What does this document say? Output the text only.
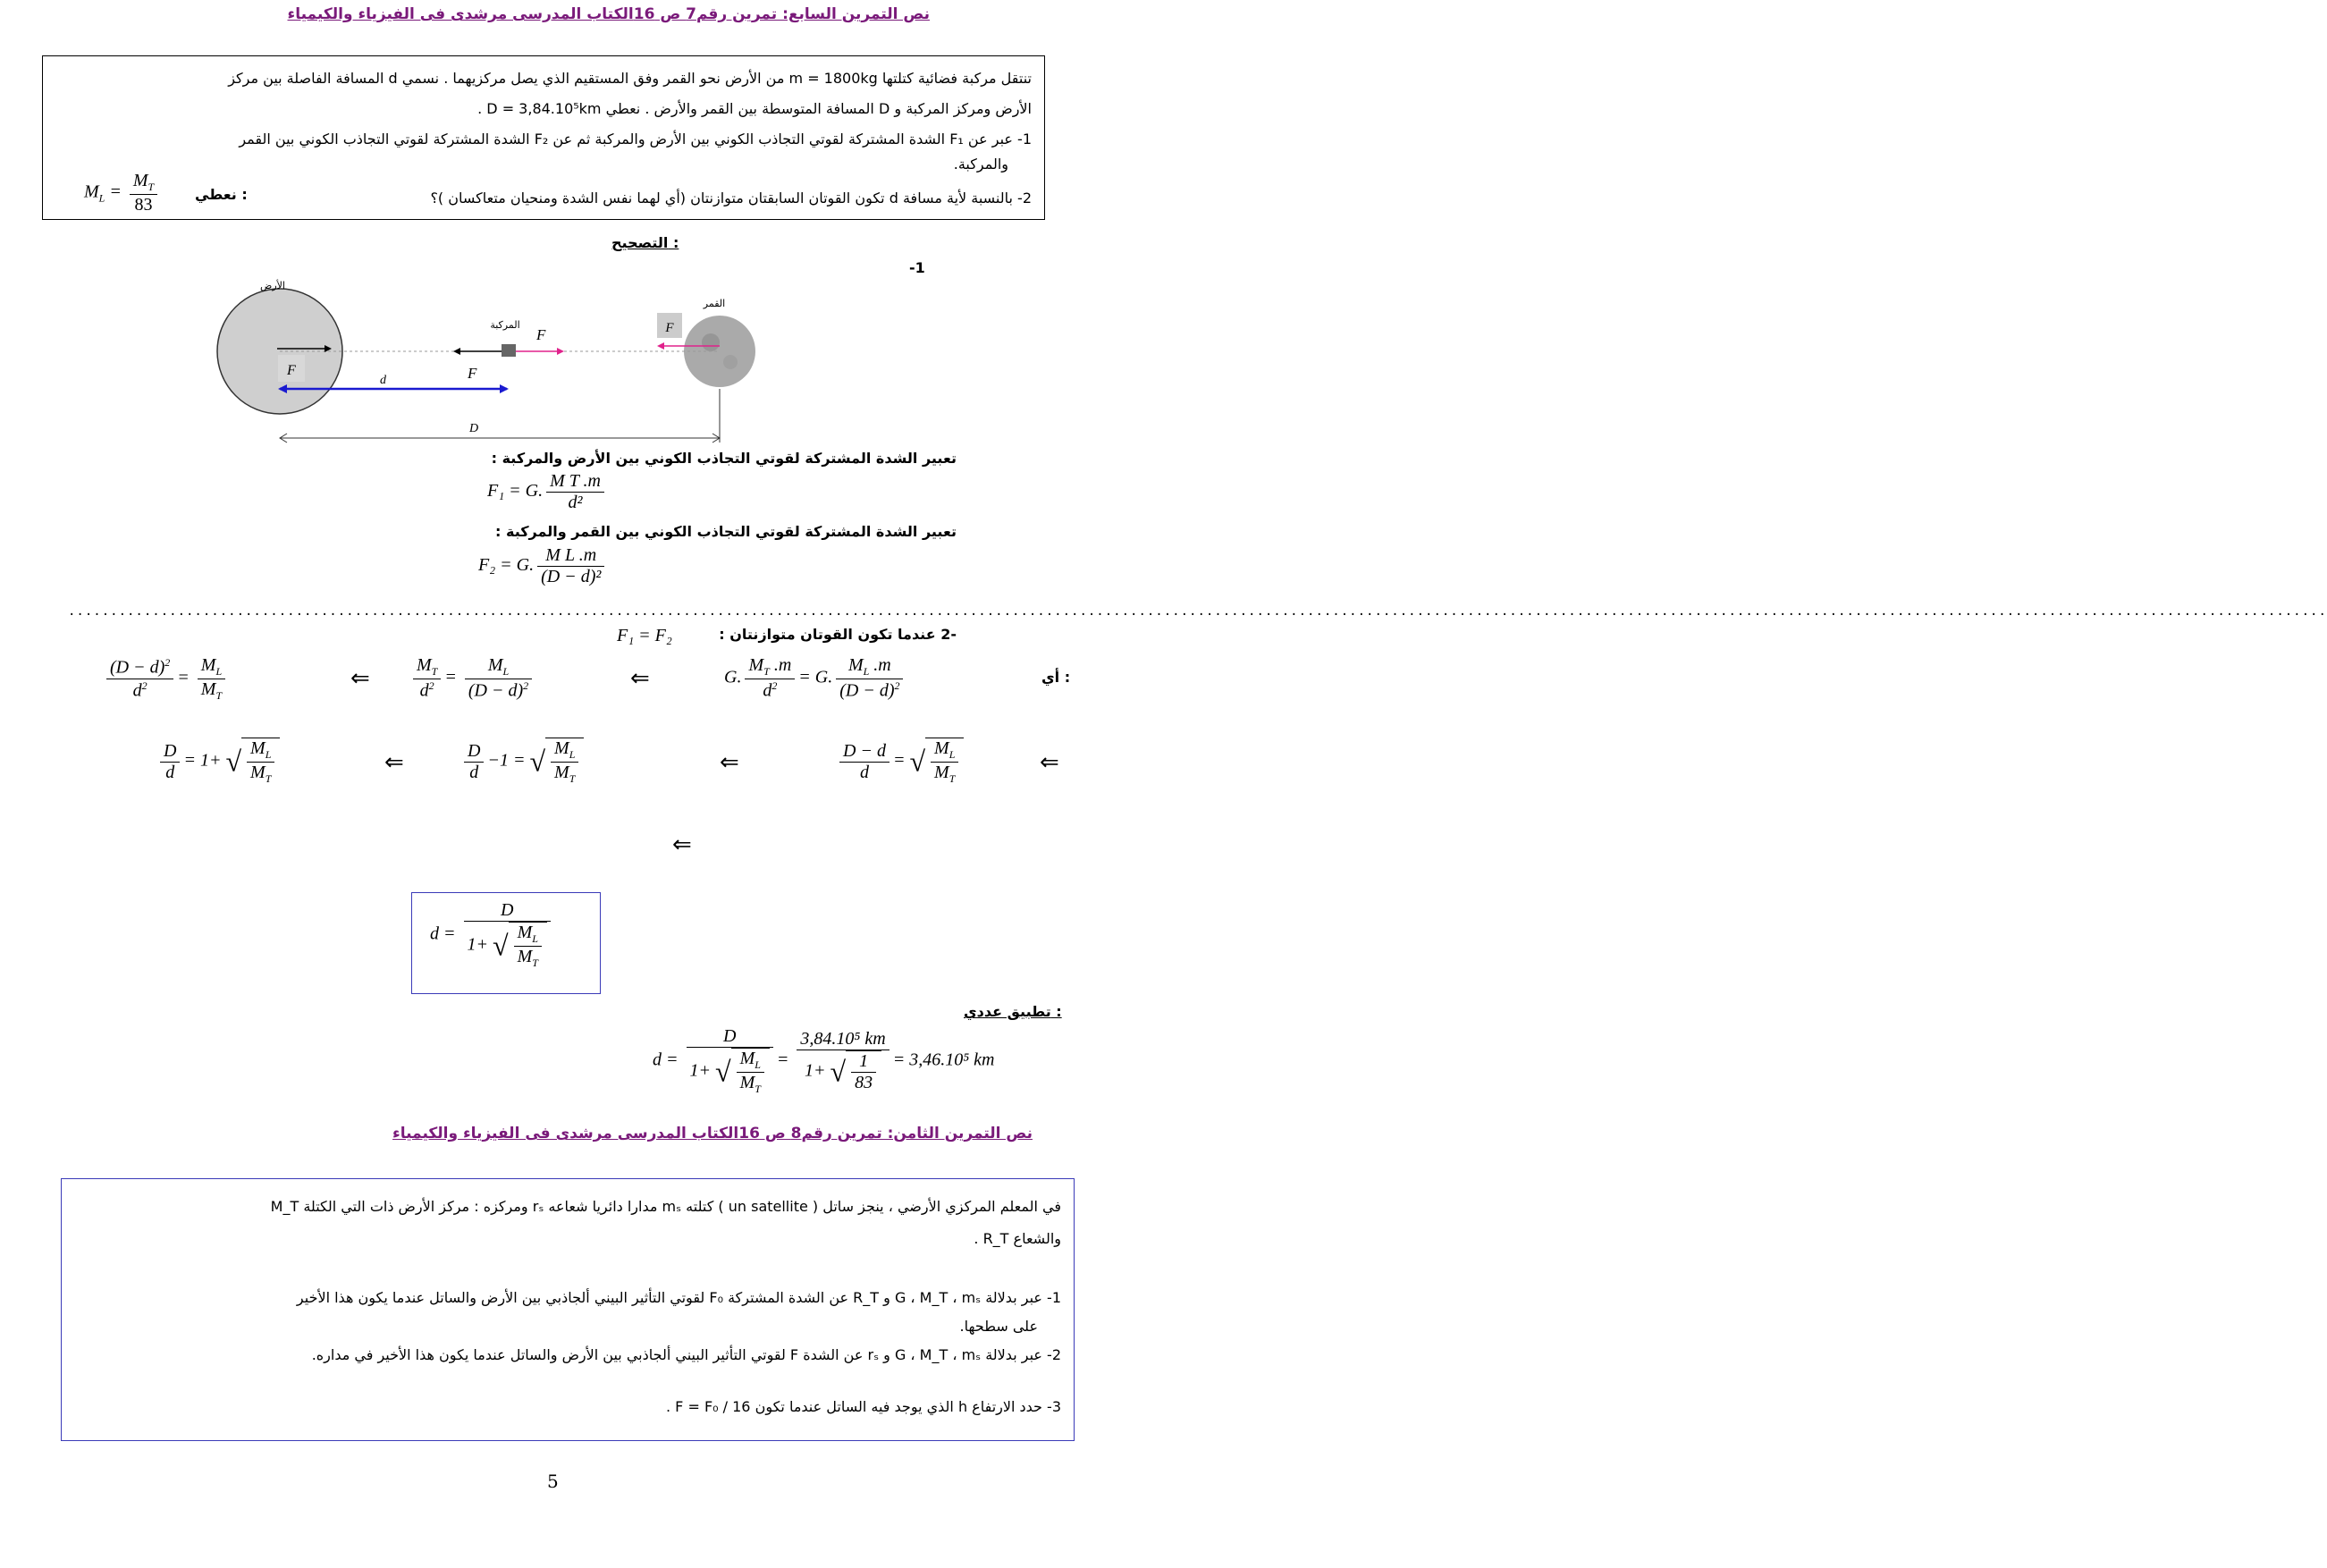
نص التمرين السابع: تمرين رقم7 ص 16الكتاب المدرسى مرشدى فى الفيزياء والكيمياء
تنتقل مركبة فضائية كتلتها m = 1800kg من الأرض نحو القمر وفق المستقيم الذي يصل مركزيهما . نسمي d المسافة الفاصلة بين مركز
الأرض ومركز المركبة و D المسافة المتوسطة بين القمر والأرض . نعطي D = 3,84.10⁵km .
1- عبر عن F₁ الشدة المشتركة لقوتي التجاذب الكوني بين الأرض والمركبة ثم عن F₂ الشدة المشتركة لقوتي التجاذب الكوني بين القمر
والمركبة.
2- بالنسبة لأية مسافة d تكون القوتان السابقتان متوازنتان (أي لهما نفس الشدة ومنحيان متعاكسان )؟
نعطي :
$M_L = \frac{M_T}{83}$
التصحيح :
-1
الأرض
القمر
المركبة	F
F
F
F
d
D
تعبير الشدة المشتركة لقوتي التجاذب الكوني بين الأرض والمركبة :
F₁ = G. $\frac{\text{M T .m}}{\text{d²}}$
تعبير الشدة المشتركة لقوتي التجاذب الكوني بين القمر والمركبة :
F₂ = G. $\frac{\text{M L .m}}{\text{(D − d)²}}$
............................................................................................................................................................................................................................................................................
-2 عندما تكون القوتان متوازنتان :
F₁ = F₂
أي :
G. $\frac{M_T .m}{d^2} = G$. $\frac{M_L .m}{(D - d)^2}$
⇐
$\frac{M_T}{d^2} = \frac{M_L}{(D - d)^2}$
⇐
$\frac{(D - d)^2}{d^2} = \frac{M_L}{M_T}$
⇐
$\frac{D - d}{d}$ = √ $\frac{M_L}{M_T}$
⇐
$\frac{D}{d} -1$ = √ $\frac{M_L}{M_T}$
⇐
$\frac{D}{d} = 1+$ √ $\frac{M_L}{M_T}$
⇐
$d = \frac{D}{1+ √ \frac{M_L}{M_T}}$
تطبيق عددي :
$d = \frac{D}{1+ √ \frac{M_L}{M_T}} = \frac{\text{3,84.10⁵ km}}{1+ √ \frac{1}{83}} = 3,46.10^5$ km
نص التمرين الثامن: تمرين رقم8 ص 16الكتاب المدرسى مرشدى فى الفيزياء والكيمياء
في المعلم المركزي الأرضي ، ينجز ساتل ( un satellite ) كتلته mₛ مدارا دائريا شعاعه rₛ ومركزه : مركز الأرض ذات التي الكتلة M_T
والشعاع R_T .
1- عبر بدلالة G ، M_T ، mₛ و R_T عن الشدة المشتركة F₀ لقوتي التأثير البيني ألجاذبي بين الأرض والساتل عندما يكون هذا الأخير
على سطحها.
2- عبر بدلالة G ، M_T ، mₛ و rₛ عن الشدة F لقوتي التأثير البيني ألجاذبي بين الأرض والساتل عندما يكون هذا الأخير في مداره.
3- حدد الارتفاع h الذي يوجد فيه الساتل عندما تكون F = F₀ / 16 .
5
